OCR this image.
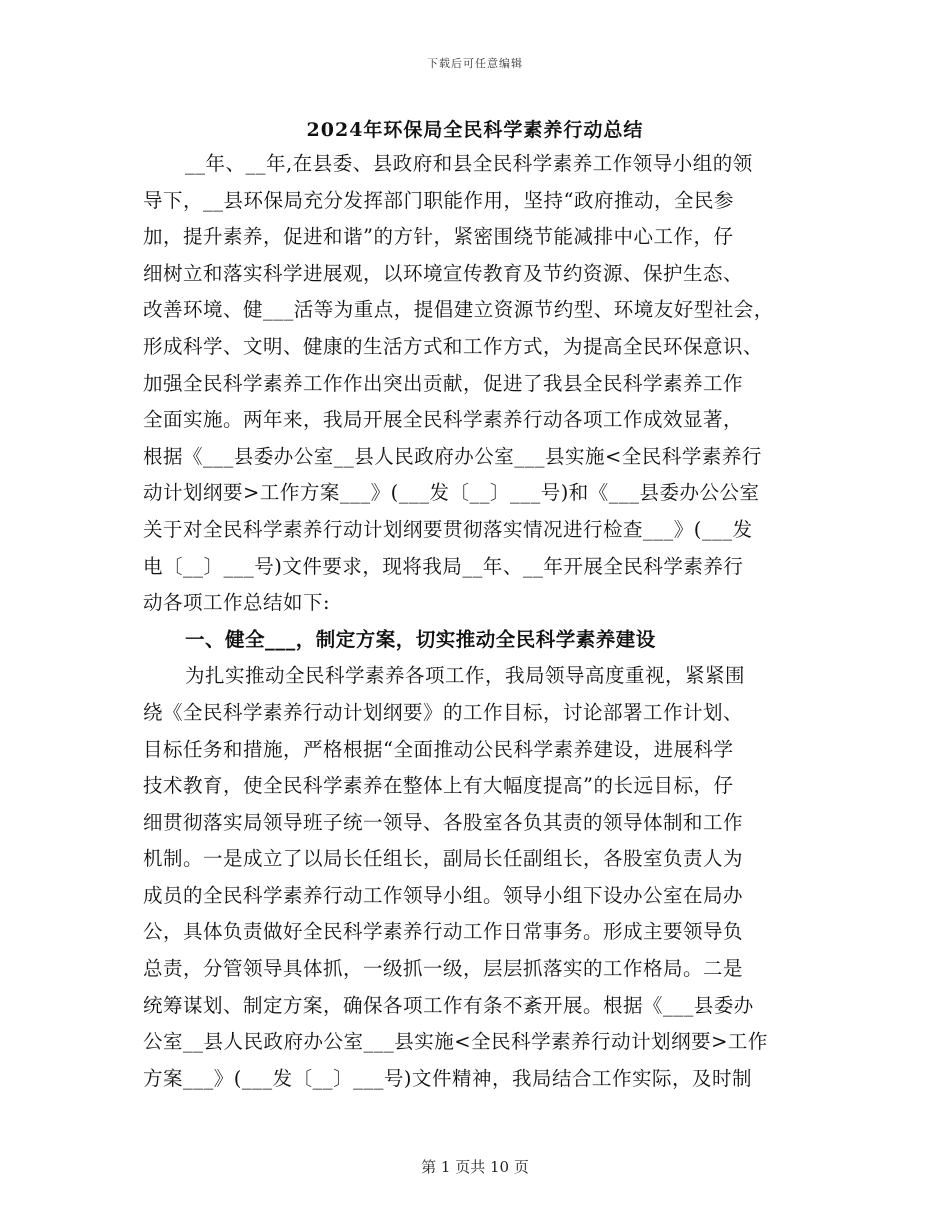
下载后可任意编辑
2024年环保局全民科学素养行动总结
__年、__年,在县委、县政府和县全民科学素养工作领导小组的领
导下，__县环保局充分发挥部门职能作用，坚持“政府推动，全民参
加，提升素养，促进和谐”的方针，紧密围绕节能减排中心工作，仔
细树立和落实科学进展观，以环境宣传教育及节约资源、保护生态、
改善环境、健___活等为重点，提倡建立资源节约型、环境友好型社会，
形成科学、文明、健康的生活方式和工作方式，为提高全民环保意识、
加强全民科学素养工作作出突出贡献，促进了我县全民科学素养工作
全面实施。两年来，我局开展全民科学素养行动各项工作成效显著，
根据《___县委办公室__县人民政府办公室___县实施<全民科学素养行
动计划纲要>工作方案___》(___发〔__〕___号)和《___县委办公公室
关于对全民科学素养行动计划纲要贯彻落实情况进行检查___》(___发
电〔__〕___号)文件要求，现将我局__年、__年开展全民科学素养行
动各项工作总结如下:
一、健全___，制定方案，切实推动全民科学素养建设
为扎实推动全民科学素养各项工作，我局领导高度重视，紧紧围
绕《全民科学素养行动计划纲要》的工作目标，讨论部署工作计划、
目标任务和措施，严格根据“全面推动公民科学素养建设，进展科学
技术教育，使全民科学素养在整体上有大幅度提高”的长远目标，仔
细贯彻落实局领导班子统一领导、各股室各负其责的领导体制和工作
机制。一是成立了以局长任组长，副局长任副组长，各股室负责人为
成员的全民科学素养行动工作领导小组。领导小组下设办公室在局办
公，具体负责做好全民科学素养行动工作日常事务。形成主要领导负
总责，分管领导具体抓，一级抓一级，层层抓落实的工作格局。二是
统筹谋划、制定方案，确保各项工作有条不紊开展。根据《___县委办
公室__县人民政府办公室___县实施<全民科学素养行动计划纲要>工作
方案___》(___发〔__〕___号)文件精神，我局结合工作实际，及时制
第 1 页共 10 页
